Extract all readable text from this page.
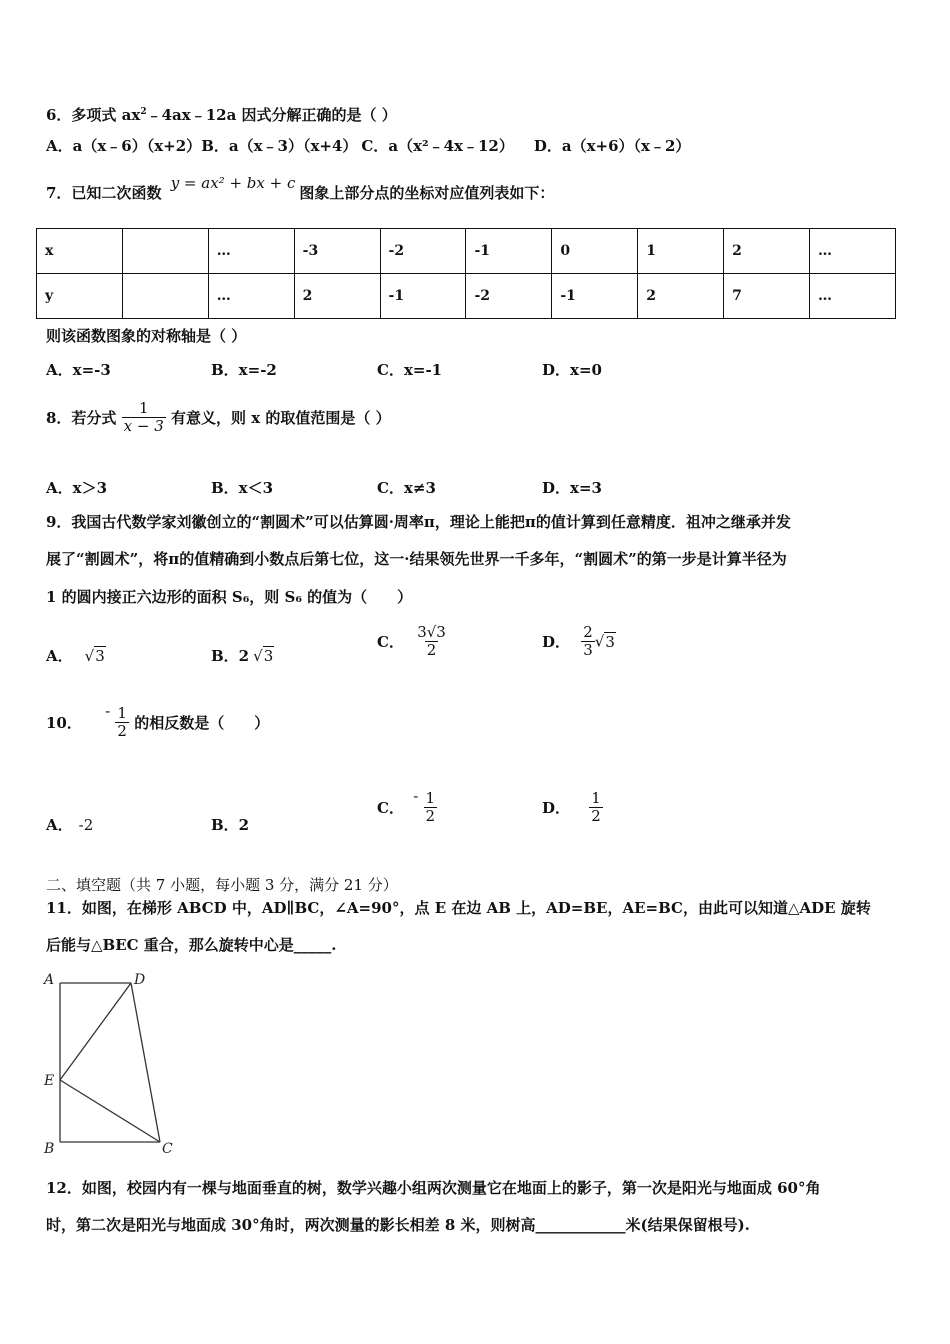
6．多项式 $ax^2﹣4ax﹣12a$ 因式分解正确的是（ ）
A．a（x﹣6）（x+2）B．a（x﹣3）（x+4） C．a（x²﹣4x﹣12） D．a（x+6）（x﹣2）
7．已知二次函数 y = ax² + bx + c图象上部分点的坐标对应值列表如下：
x		…	-3	-2	-1	0	1	2	…
y		…	2	-1	-2	-1	2	7	…
则该函数图象的对称轴是（ ）
A．x=-3	B．x=-2	C．x=-1	D．x=0
8．若分式 $\frac{1}{x - 3}$ 有意义，则 x 的取值范围是（ ）
A．x＞3	B．x＜3	C．x≠3	D．x=3
9．我国古代数学家刘徽创立的“割圆术”可以估算圆·周率π，理论上能把π的值计算到任意精度．祖冲之继承并发
展了“割圆术”，将π的值精确到小数点后第七位，这一·结果领先世界一千多年，“割圆术”的第一步是计算半径为
1 的圆内接正六边形的面积 S₆，则 S₆ 的值为（　　）
A． √3	B．2 √3
C． $\frac{3√3}{2}$	D． $\frac{2}{3} √3$
10． - $\frac{1}{2}$ 的相反数是（　　）
A． -2	B．2
C． - $\frac{1}{2}$	D． $\frac{1}{2}$
二、填空题（共 7 小题，每小题 3 分，满分 21 分）
11．如图，在梯形 ABCD 中，AD∥BC，∠A=90°，点 E 在边 AB 上，AD=BE，AE=BC，由此可以知道△ADE 旋转
后能与△BEC 重合，那么旋转中心是_____.
A	D
E
B	C
12．如图，校园内有一棵与地面垂直的树，数学兴趣小组两次测量它在地面上的影子，第一次是阳光与地面成 60°角
时，第二次是阳光与地面成 30°角时，两次测量的影长相差 8 米，则树高____________米(结果保留根号).
